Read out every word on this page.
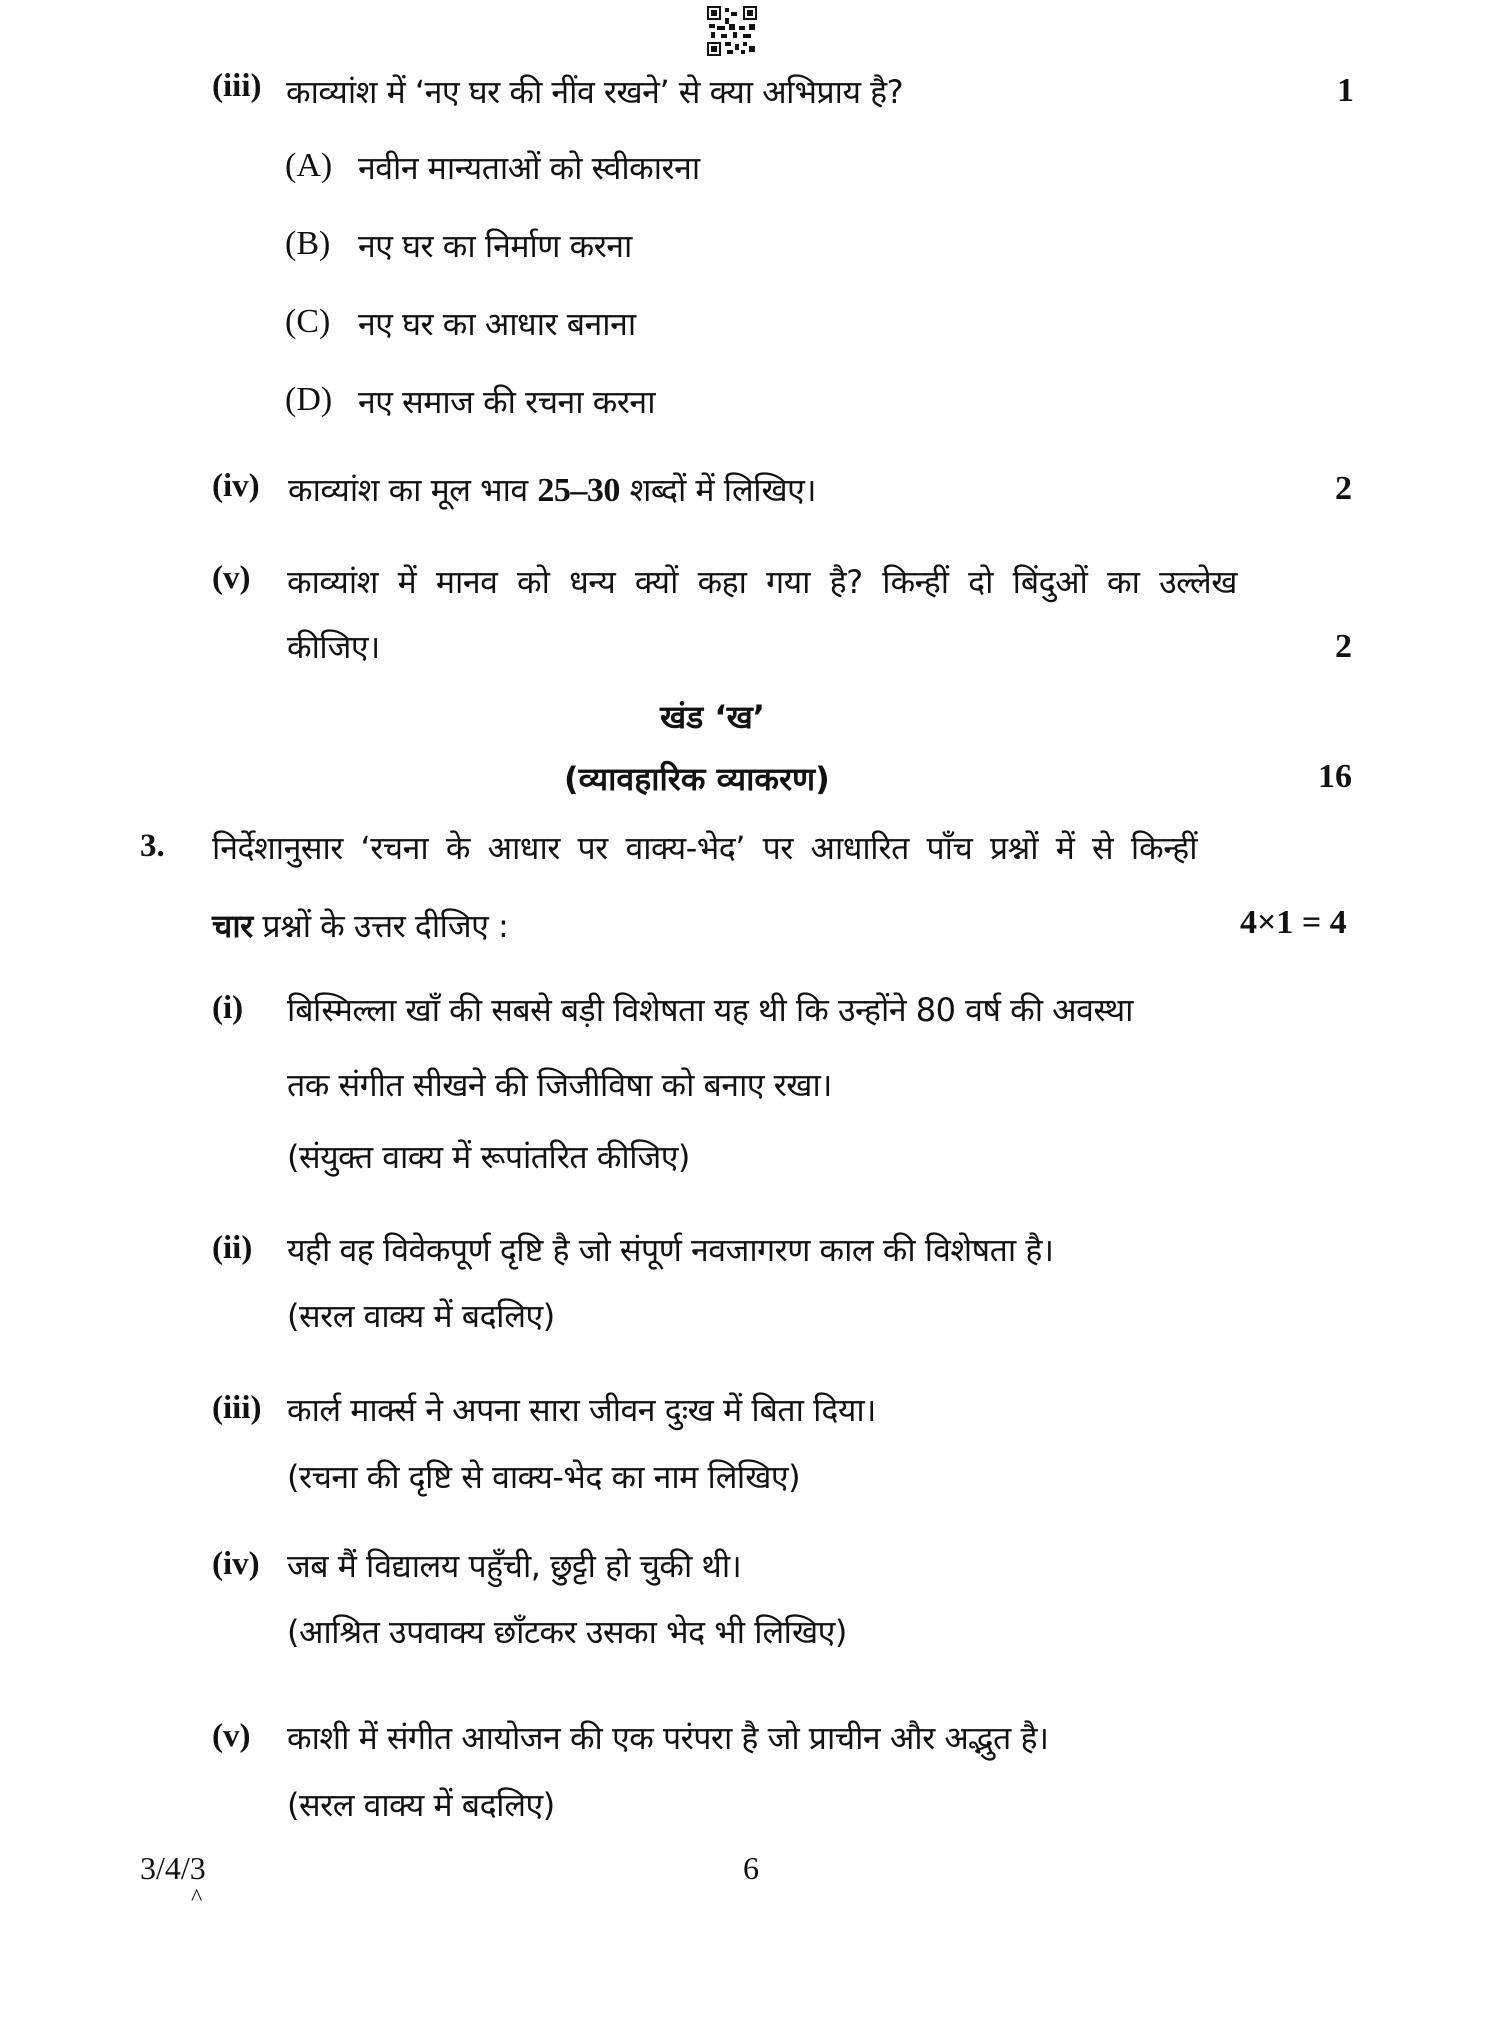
(iii) काव्यांश में ‘नए घर की नींव रखने’ से क्या अभिप्राय है?	1
(A) नवीन मान्यताओं को स्वीकारना
(B) नए घर का निर्माण करना
(C) नए घर का आधार बनाना
(D) नए समाज की रचना करना
(iv) काव्यांश का मूल भाव 25–30 शब्दों में लिखिए।	2
(v) काव्यांश में मानव को धन्य क्यों कहा गया है? किन्हीं दो बिंदुओं का उल्लेख
कीजिए।	2
खंड ‘ख’
(व्यावहारिक व्याकरण)	16
3. निर्देशानुसार ‘रचना के आधार पर वाक्य-भेद’ पर आधारित पाँच प्रश्नों में से किन्हीं
चार प्रश्नों के उत्तर दीजिए :	4×1 = 4
(i) बिस्मिल्ला खाँ की सबसे बड़ी विशेषता यह थी कि उन्होंने 80 वर्ष की अवस्था
तक संगीत सीखने की जिजीविषा को बनाए रखा।
(संयुक्त वाक्य में रूपांतरित कीजिए)
(ii) यही वह विवेकपूर्ण दृष्टि है जो संपूर्ण नवजागरण काल की विशेषता है।
(सरल वाक्य में बदलिए)
(iii) कार्ल मार्क्स ने अपना सारा जीवन दुःख में बिता दिया।
(रचना की दृष्टि से वाक्य-भेद का नाम लिखिए)
(iv) जब मैं विद्यालय पहुँची, छुट्टी हो चुकी थी।
(आश्रित उपवाक्य छाँटकर उसका भेद भी लिखिए)
(v) काशी में संगीत आयोजन की एक परंपरा है जो प्राचीन और अद्भुत है।
(सरल वाक्य में बदलिए)
3/4/3
^
6
